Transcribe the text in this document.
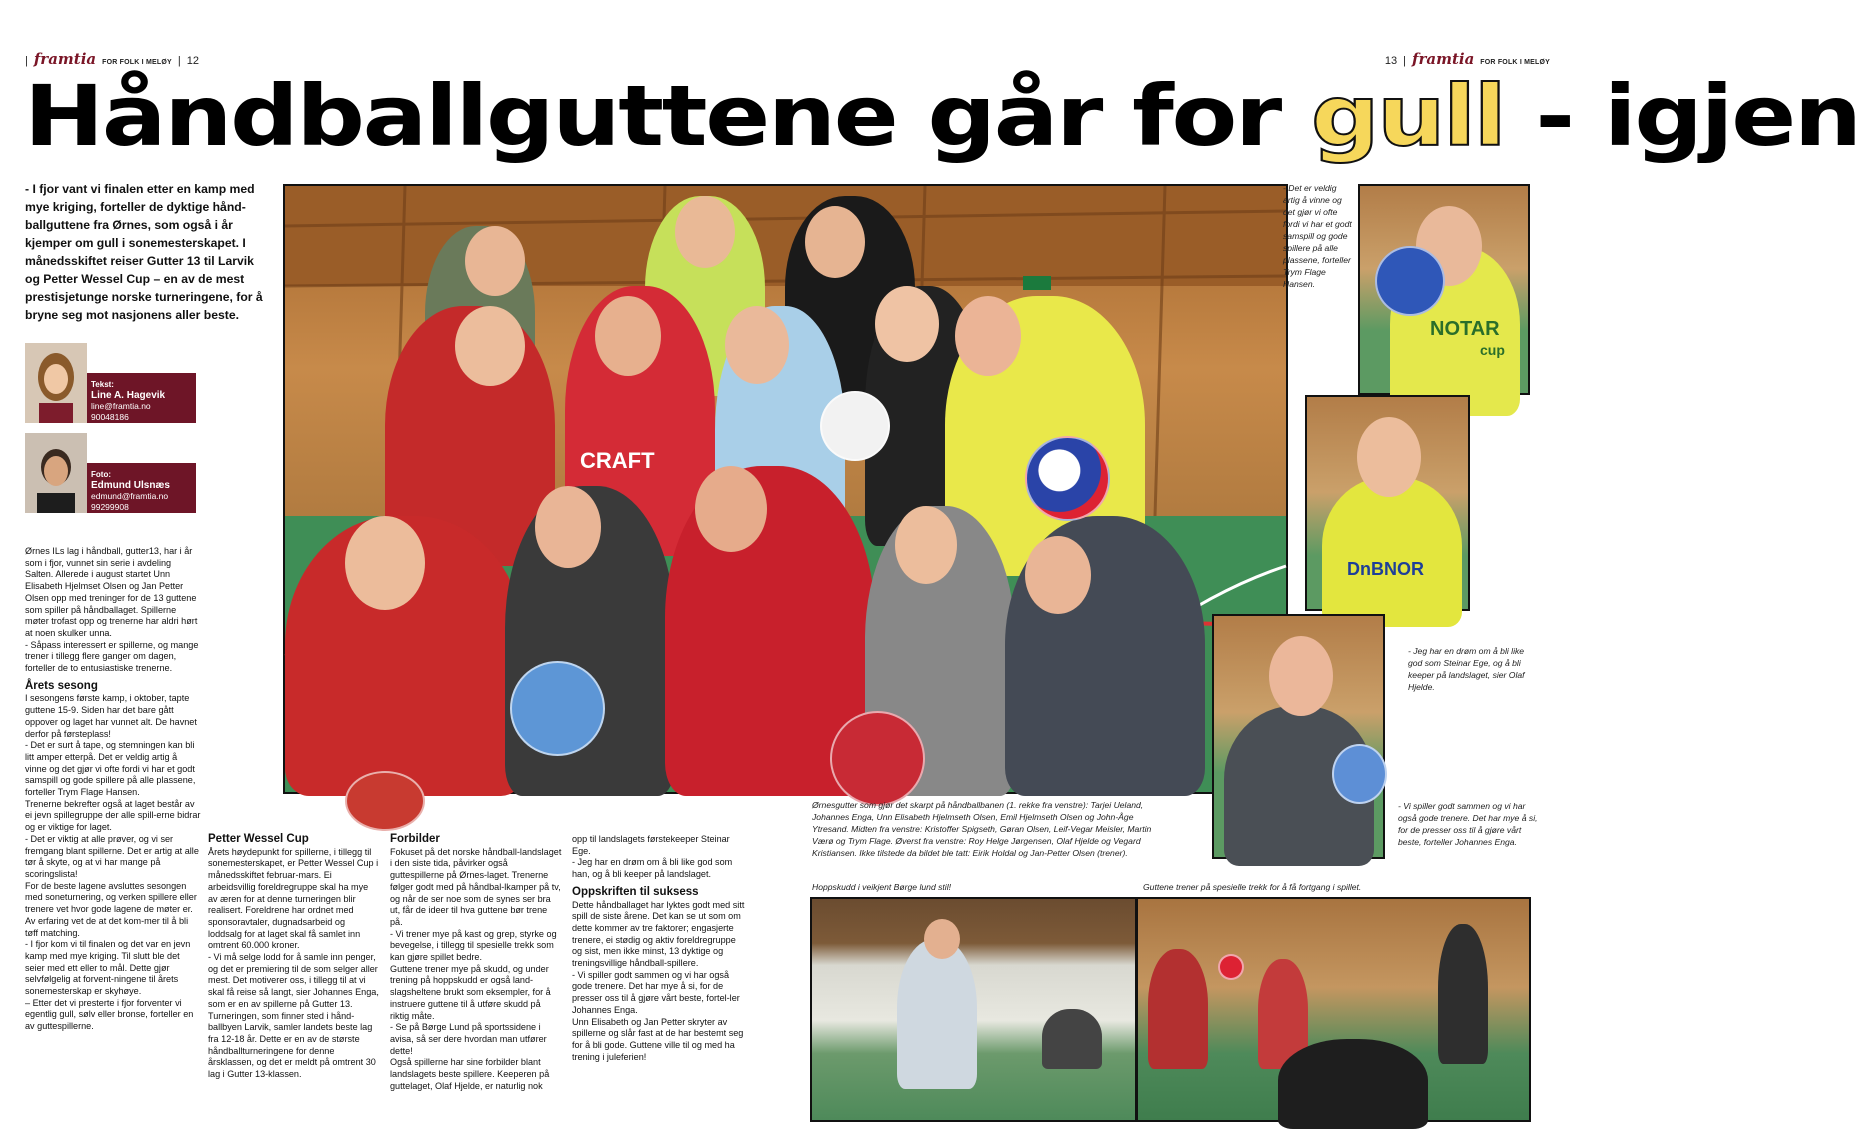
| framtia FOR FOLK I MELØY | 12	13 | framtia FOR FOLK I MELØY
Håndballguttene går for gull - igjen
- I fjor vant vi finalen etter en kamp med mye kriging, forteller de dyktige hånd-ballguttene fra Ørnes, som også i år kjemper om gull i sonemesterskapet. I månedsskiftet reiser Gutter 13 til Larvik og Petter Wessel Cup – en av de mest prestisjetunge norske turneringene, for å bryne seg mot nasjonens aller beste.
Tekst:
Line A. Hagevik
line@framtia.no
90048186
Foto:
Edmund Ulsnæs
edmund@framtia.no
99299908

Ørnes ILs lag i håndball, gutter13, har i år som i fjor, vunnet sin serie i avdeling Salten. Allerede i august startet Unn Elisabeth Hjelmset Olsen og Jan Petter Olsen opp med treninger for de 13 guttene som spiller på håndballaget. Spillerne møter trofast opp og trenerne har aldri hørt at noen skulker unna.

- Såpass interessert er spillerne, og mange trener i tillegg flere ganger om dagen, forteller de to entusiastiske trenerne.

Årets sesong

I sesongens første kamp, i oktober, tapte guttene 15-9. Siden har det bare gått oppover og laget har vunnet alt. De havnet derfor på førsteplass!

- Det er surt å tape, og stemningen kan bli litt amper etterpå. Det er veldig artig å vinne og det gjør vi ofte fordi vi har et godt samspill og gode spillere på alle plassene, forteller Trym Flage Hansen.

Trenerne bekrefter også at laget består av ei jevn spillegruppe der alle spill-erne bidrar og er viktige for laget.

- Det er viktig at alle prøver, og vi ser fremgang blant spillerne. Det er artig at alle tør å skyte, og at vi har mange på scoringslista!

For de beste lagene avsluttes sesongen med soneturnering, og verken spillere eller trenere vet hvor gode lagene de møter er. Av erfaring vet de at det kom-mer til å bli tøff matching.

- I fjor kom vi til finalen og det var en jevn kamp med mye kriging. Til slutt ble det seier med ett eller to mål. Dette gjør selvfølgelig at forvent-ningene til årets sonemesterskap er skyhøye.

– Etter det vi presterte i fjor forventer vi egentlig gull, sølv eller bronse, forteller en av guttespillerne.

Petter Wessel Cup

Årets høydepunkt for spillerne, i tillegg til sonemesterskapet, er Petter Wessel Cup i månedsskiftet februar-mars. Ei arbeidsvillig foreldregruppe skal ha mye av æren for at denne turneringen blir realisert. Foreldrene har ordnet med sponsoravtaler, dugnadsarbeid og loddsalg for at laget skal få samlet inn omtrent 60.000 kroner.

- Vi må selge lodd for å samle inn penger, og det er premiering til de som selger aller mest. Det motiverer oss, i tillegg til at vi skal få reise så langt, sier Johannes Enga, som er en av spillerne på Gutter 13.

Turneringen, som finner sted i hånd-ballbyen Larvik, samler landets beste lag fra 12-18 år. Dette er en av de største håndballturneringene for denne årsklassen, og det er meldt på omtrent 30 lag i Gutter 13-klassen.

Forbilder

Fokuset på det norske håndball-landslaget i den siste tida, påvirker også guttespillerne på Ørnes-laget. Trenerne følger godt med på håndbal-lkamper på tv, og når de ser noe som de synes ser bra ut, får de ideer til hva guttene bør trene på.

- Vi trener mye på kast og grep, styrke og bevegelse, i tillegg til spesielle trekk som kan gjøre spillet bedre.

Guttene trener mye på skudd, og under trening på hoppskudd er også land-slagsheltene brukt som eksempler, for å instruere guttene til å utføre skudd på riktig måte.

- Se på Børge Lund på sportssidene i avisa, så ser dere hvordan man utfører dette!

Også spillerne har sine forbilder blant landslagets beste spillere. Keeperen på guttelaget, Olaf Hjelde, er naturlig nok

opp til landslagets førstekeeper Steinar Ege.

- Jeg har en drøm om å bli like god som han, og å bli keeper på landslaget.

Oppskriften til suksess

Dette håndballaget har lyktes godt med sitt spill de siste årene. Det kan se ut som om dette kommer av tre faktorer; engasjerte trenere, ei stødig og aktiv foreldregruppe og sist, men ikke minst, 13 dyktige og treningsvillige håndball-spillere.

- Vi spiller godt sammen og vi har også gode trenere. Det har mye å si, for de presser oss til å gjøre vårt beste, fortel-ler Johannes Enga.

Unn Elisabeth og Jan Petter skryter av spillerne og slår fast at de har bestemt seg for å bli gode. Guttene ville til og med ha trening i juleferien!

CRAFT
Ørnesgutter som gjør det skarpt på håndballbanen (1. rekke fra venstre): Tarjei Ueland, Johannes Enga, Unn Elisabeth Hjelmseth Olsen, Emil Hjelmseth Olsen og John-Åge Ytresand. Midten fra venstre: Kristoffer Spigseth, Gøran Olsen, Leif-Vegar Meisler, Martin Værø og Trym Flage. Øverst fra venstre: Roy Helge Jørgensen, Olaf Hjelde og Vegard Kristiansen. Ikke tilstede da bildet ble tatt: Eirik Holdal og Jan-Petter Olsen (trener).
- Det er veldig artig å vinne og det gjør vi ofte fordi vi har et godt samspill og gode spillere på alle plassene, forteller Trym Flage Hansen.
NOTAR
cup
DnBNOR
- Jeg har en drøm om å bli like god som Steinar Ege, og å bli keeper på landslaget, sier Olaf Hjelde.
- Vi spiller godt sammen og vi har også gode trenere. Det har mye å si, for de presser oss til å gjøre vårt beste, forteller Johannes Enga.
Hoppskudd i veikjent Børge lund stil!	Guttene trener på spesielle trekk for å få fortgang i spillet.
